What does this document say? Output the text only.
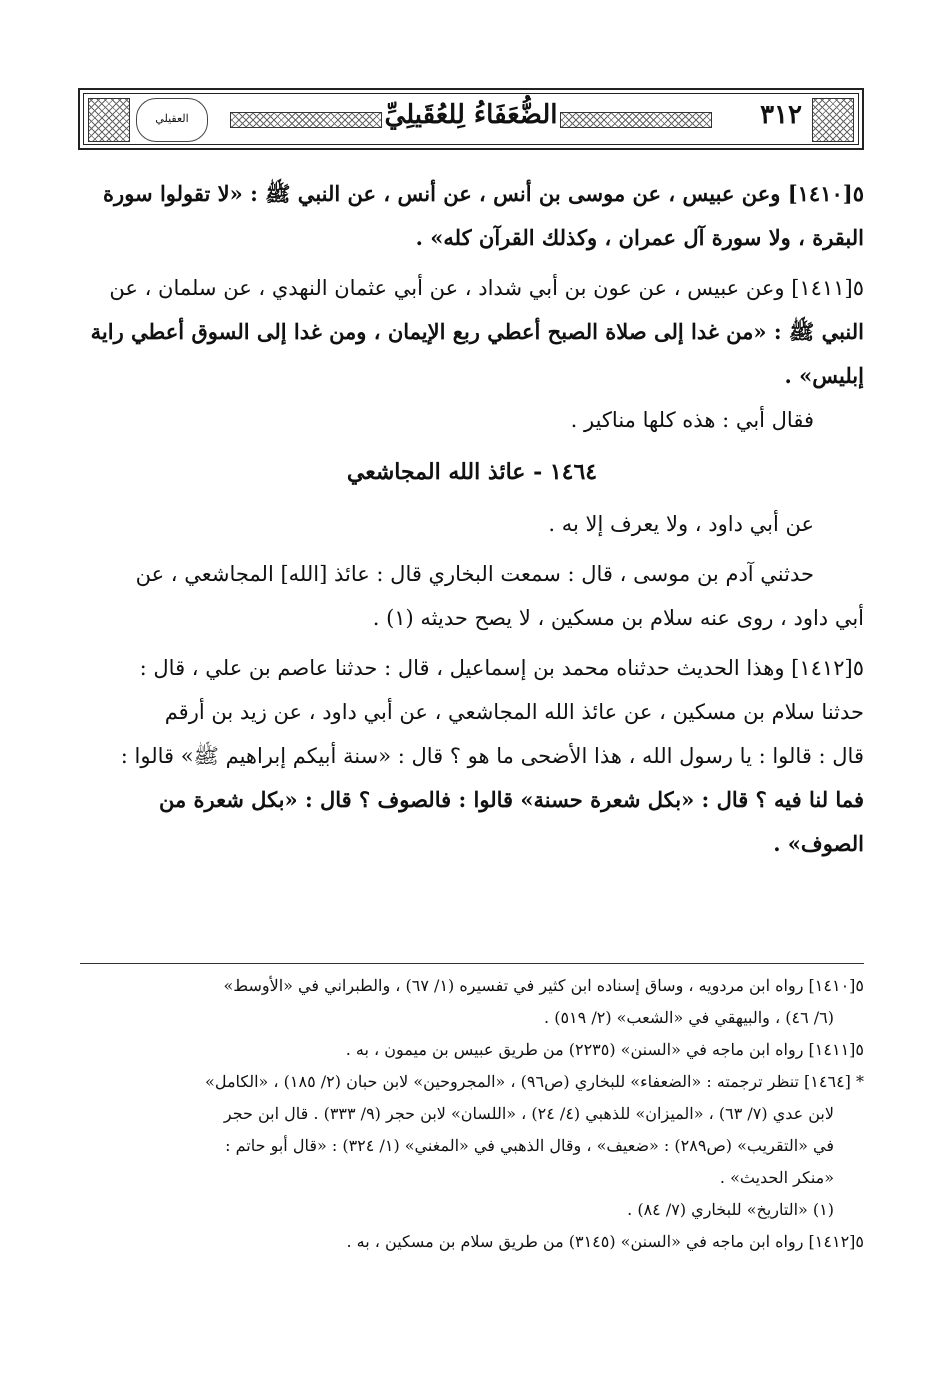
العقيلي	الضُّعَفَاءُ لِلعُقَيلِيِّ	٣١٢

٥[١٤١٠] وعن عبيس ، عن موسى بن أنس ، عن أنس ، عن النبي ﷺ : «لا تقولوا سورة

البقرة ، ولا سورة آل عمران ، وكذلك القرآن كله» .

٥[١٤١١] وعن عبيس ، عن عون بن أبي شداد ، عن أبي عثمان النهدي ، عن سلمان ، عن

النبي ﷺ : «من غدا إلى صلاة الصبح أعطي ربع الإيمان ، ومن غدا إلى السوق أعطي راية

إبليس» .

فقال أبي : هذه كلها مناكير .

١٤٦٤ - عائذ الله المجاشعي

عن أبي داود ، ولا يعرف إلا به .

حدثني آدم بن موسى ، قال : سمعت البخاري قال : عائذ [الله] المجاشعي ، عن

أبي داود ، روى عنه سلام بن مسكين ، لا يصح حديثه (١) .

٥[١٤١٢] وهذا الحديث حدثناه محمد بن إسماعيل ، قال : حدثنا عاصم بن علي ، قال :

حدثنا سلام بن مسكين ، عن عائذ الله المجاشعي ، عن أبي داود ، عن زيد بن أرقم

قال : قالوا : يا رسول الله ، هذا الأضحى ما هو ؟ قال : «سنة أبيكم إبراهيم ﷺ» قالوا :

فما لنا فيه ؟ قال : «بكل شعرة حسنة» قالوا : فالصوف ؟ قال : «بكل شعرة من

الصوف» .

٥[١٤١٠] رواه ابن مردويه ، وساق إسناده ابن كثير في تفسيره (١/ ٦٧) ، والطبراني في «الأوسط»

(٦/ ٤٦) ، والبيهقي في «الشعب» (٢/ ٥١٩) .

٥[١٤١١] رواه ابن ماجه في «السنن» (٢٢٣٥) من طريق عبيس بن ميمون ، به .

* [١٤٦٤] تنظر ترجمته : «الضعفاء» للبخاري (ص٩٦) ، «المجروحين» لابن حبان (٢/ ١٨٥) ، «الكامل»

لابن عدي (٧/ ٦٣) ، «الميزان» للذهبي (٤/ ٢٤) ، «اللسان» لابن حجر (٩/ ٣٣٣) . قال ابن حجر

في «التقريب» (ص٢٨٩) : «ضعيف» ، وقال الذهبي في «المغني» (١/ ٣٢٤) : «قال أبو حاتم :

«منكر الحديث» .

(١) «التاريخ» للبخاري (٧/ ٨٤) .

٥[١٤١٢] رواه ابن ماجه في «السنن» (٣١٤٥) من طريق سلام بن مسكين ، به .
